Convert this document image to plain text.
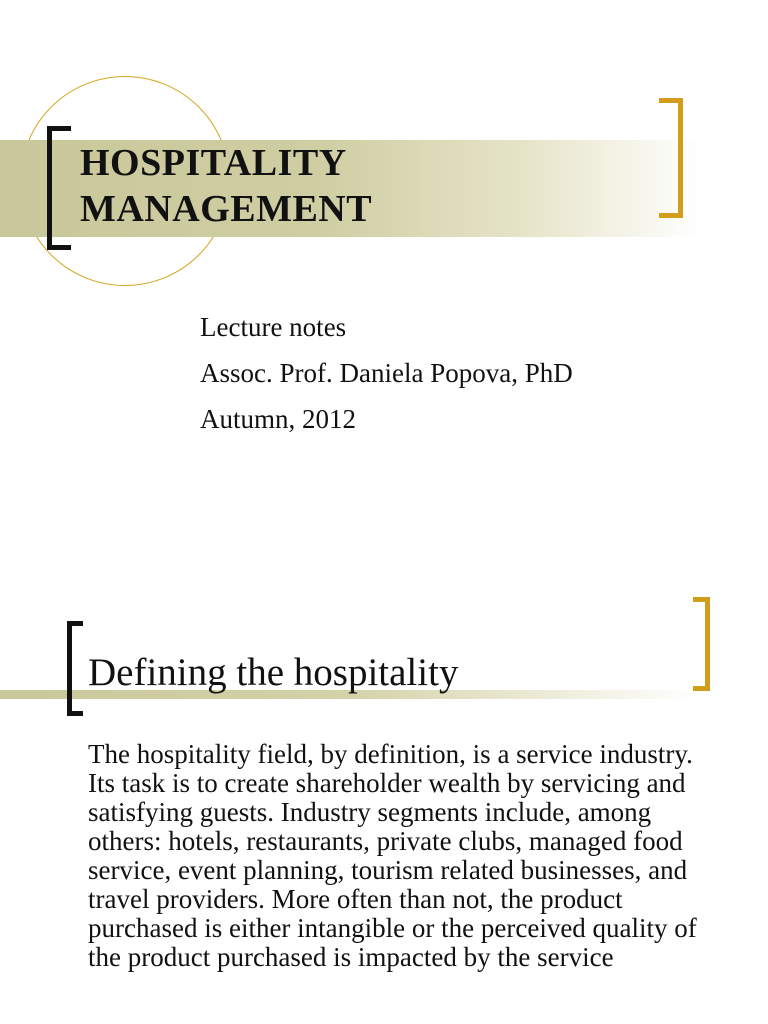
HOSPITALITY
MANAGEMENT
Lecture notes
Assoc. Prof. Daniela Popova, PhD
Autumn, 2012
Defining the hospitality

The hospitality field, by definition, is a service industry. Its task is to create shareholder wealth by servicing and satisfying guests. Industry segments include, among others: hotels, restaurants, private clubs, managed food service, event planning, tourism related businesses, and travel providers. More often than not, the product purchased is either intangible or the perceived quality of the product purchased is impacted by the service
